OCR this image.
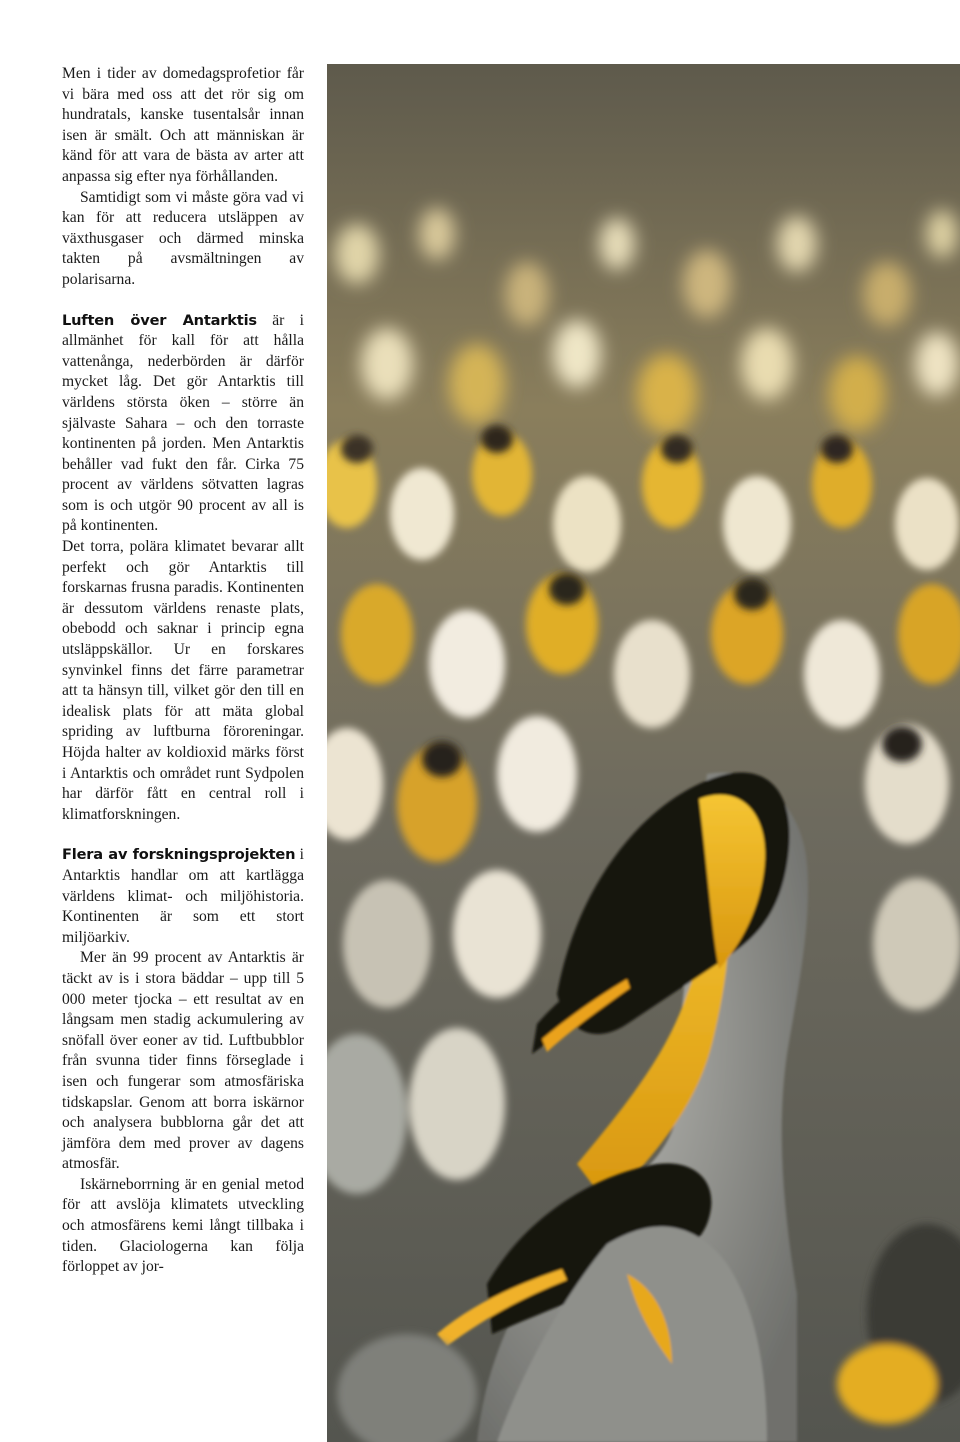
Men i tider av domedagsprofetior får vi bära med oss att det rör sig om hundratals, kanske tusentalsår innan isen är smält. Och att människan är känd för att vara de bästa av arter att anpassa sig efter nya förhållanden.

Samtidigt som vi måste göra vad vi kan för att reducera utsläppen av växthusgaser och därmed minska takten på avsmältningen av polarisarna.

Luften över Antarktis är i allmänhet för kall för att hålla vattenånga, nederbörden är därför mycket låg. Det gör Antarktis till världens största öken – större än självaste Sahara – och den torraste kontinenten på jorden. Men Antarktis behåller vad fukt den får. Cirka 75 procent av världens sötvatten lagras som is och utgör 90 procent av all is på kontinenten.

Det torra, polära klimatet bevarar allt perfekt och gör Antarktis till forskarnas frusna paradis. Kontinenten är dessutom världens renaste plats, obebodd och saknar i princip egna utsläppskällor. Ur en forskares synvinkel finns det färre parametrar att ta hänsyn till, vilket gör den till en idealisk plats för att mäta global spriding av luftburna föroreningar. Höjda halter av koldioxid märks först i Antarktis och området runt Sydpolen har därför fått en central roll i klimatforskningen.

Flera av forskningsprojekten i Antarktis handlar om att kartlägga världens klimat- och miljöhistoria. Kontinenten är som ett stort miljöarkiv.

Mer än 99 procent av Antarktis är täckt av is i stora bäddar – upp till 5 000 meter tjocka – ett resultat av en långsam men stadig ackumulering av snöfall över eoner av tid. Luftbubblor från svunna tider finns förseglade i isen och fungerar som atmosfäriska tidskapslar. Genom att borra iskärnor och analysera bubblorna går det att jämföra dem med prover av dagens atmosfär.

Iskärneborrning är en genial metod för att avslöja klimatets utveckling och atmosfärens kemi långt tillbaka i tiden. Glaciologerna kan följa förloppet av jor-
